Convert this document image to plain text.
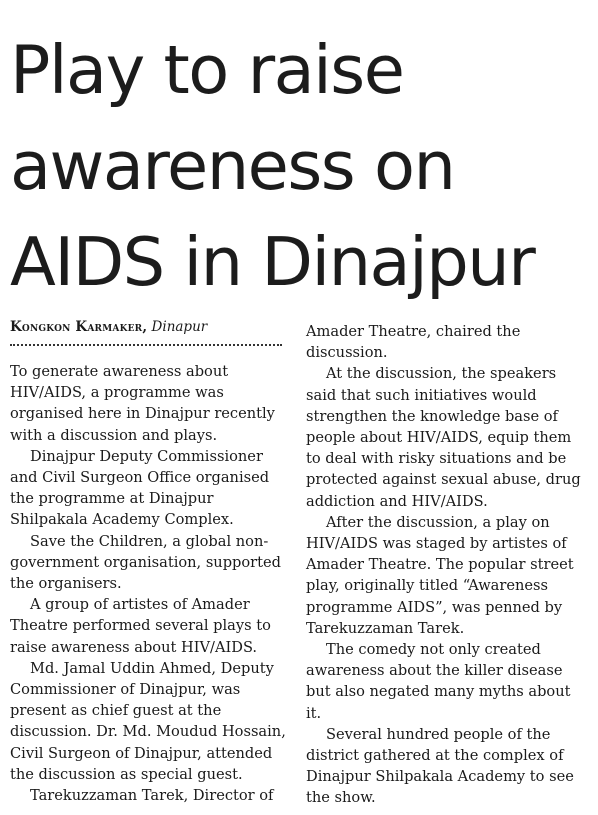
Play to raise
awareness on
AIDS in Dinajpur
Kongkon Karmaker, Dinapur

To generate awareness about HIV/AIDS, a programme was organised here in Dinajpur recently with a discussion and plays.

Dinajpur Deputy Commissioner and Civil Surgeon Office organised the programme at Dinajpur Shilpakala Academy Complex.

Save the Children, a global non-government organisation, supported the organisers.

A group of artistes of Amader Theatre performed several plays to raise awareness about HIV/AIDS.

Md. Jamal Uddin Ahmed, Deputy Commissioner of Dinajpur, was present as chief guest at the discussion. Dr. Md. Moudud Hossain, Civil Surgeon of Dinajpur, attended the discussion as special guest.

Tarekuzzaman Tarek, Director of

Amader Theatre, chaired the discussion.

At the discussion, the speakers said that such initiatives would strengthen the knowledge base of people about HIV/AIDS, equip them to deal with risky situations and be protected against sexual abuse, drug addiction and HIV/AIDS.

After the discussion, a play on HIV/AIDS was staged by artistes of Amader Theatre. The popular street play, originally titled “Awareness programme AIDS”, was penned by Tarekuzzaman Tarek.

The comedy not only created awareness about the killer disease but also negated many myths about it.

Several hundred people of the district gathered at the complex of Dinajpur Shilpakala Academy to see the show.
